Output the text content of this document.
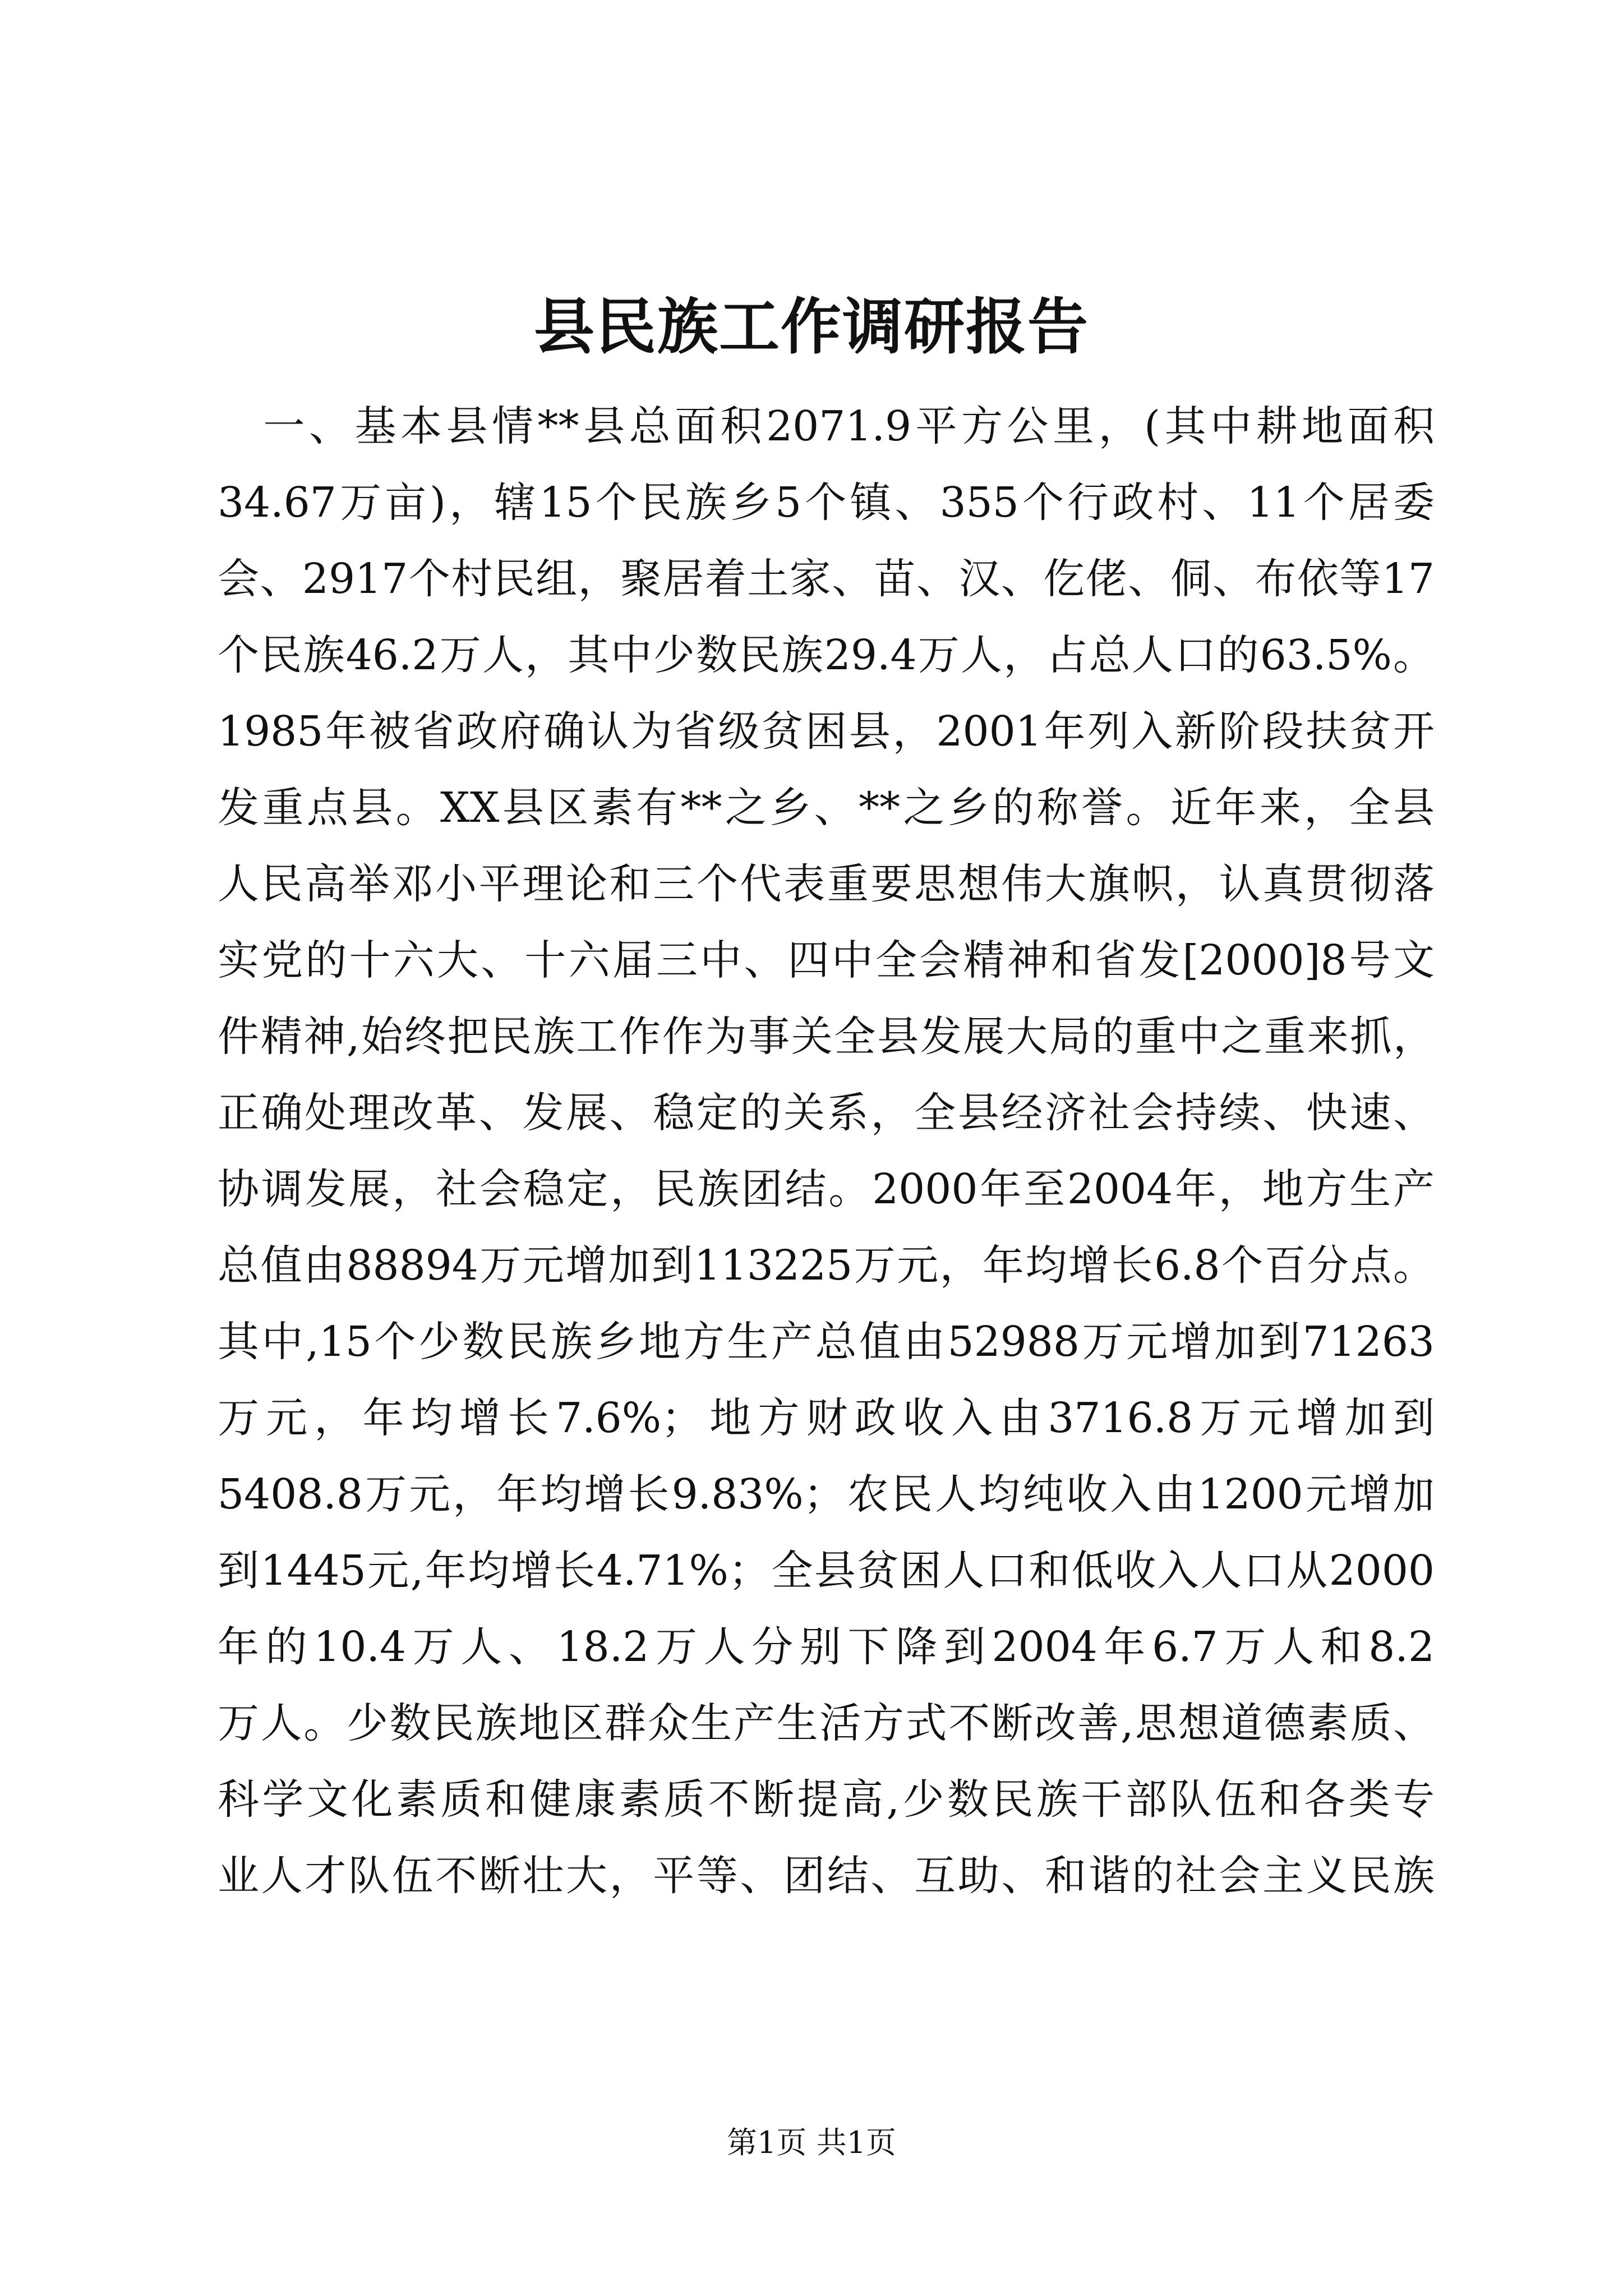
县民族工作调研报告
　一、基本县情**县总面积2071.9平方公里，(其中耕地面积
34.67万亩)，辖15个民族乡5个镇、355个行政村、11个居委
会、2917个村民组，聚居着土家、苗、汉、仡佬、侗、布依等17
个民族46.2万人，其中少数民族29.4万人，占总人口的63.5%。
1985年被省政府确认为省级贫困县，2001年列入新阶段扶贫开
发重点县。XX县区素有**之乡、**之乡的称誉。近年来，全县
人民高举邓小平理论和三个代表重要思想伟大旗帜，认真贯彻落
实党的十六大、十六届三中、四中全会精神和省发[2000]8号文
件精神,始终把民族工作作为事关全县发展大局的重中之重来抓，
正确处理改革、发展、稳定的关系，全县经济社会持续、快速、
协调发展，社会稳定，民族团结。2000年至2004年，地方生产
总值由88894万元增加到113225万元，年均增长6.8个百分点。
其中,15个少数民族乡地方生产总值由52988万元增加到71263
万元，年均增长7.6%；地方财政收入由3716.8万元增加到
5408.8万元，年均增长9.83%；农民人均纯收入由1200元增加
到1445元,年均增长4.71%；全县贫困人口和低收入人口从2000
年的10.4万人、18.2万人分别下降到2004年6.7万人和8.2
万人。少数民族地区群众生产生活方式不断改善,思想道德素质、
科学文化素质和健康素质不断提高,少数民族干部队伍和各类专
业人才队伍不断壮大，平等、团结、互助、和谐的社会主义民族
第1页 共1页
